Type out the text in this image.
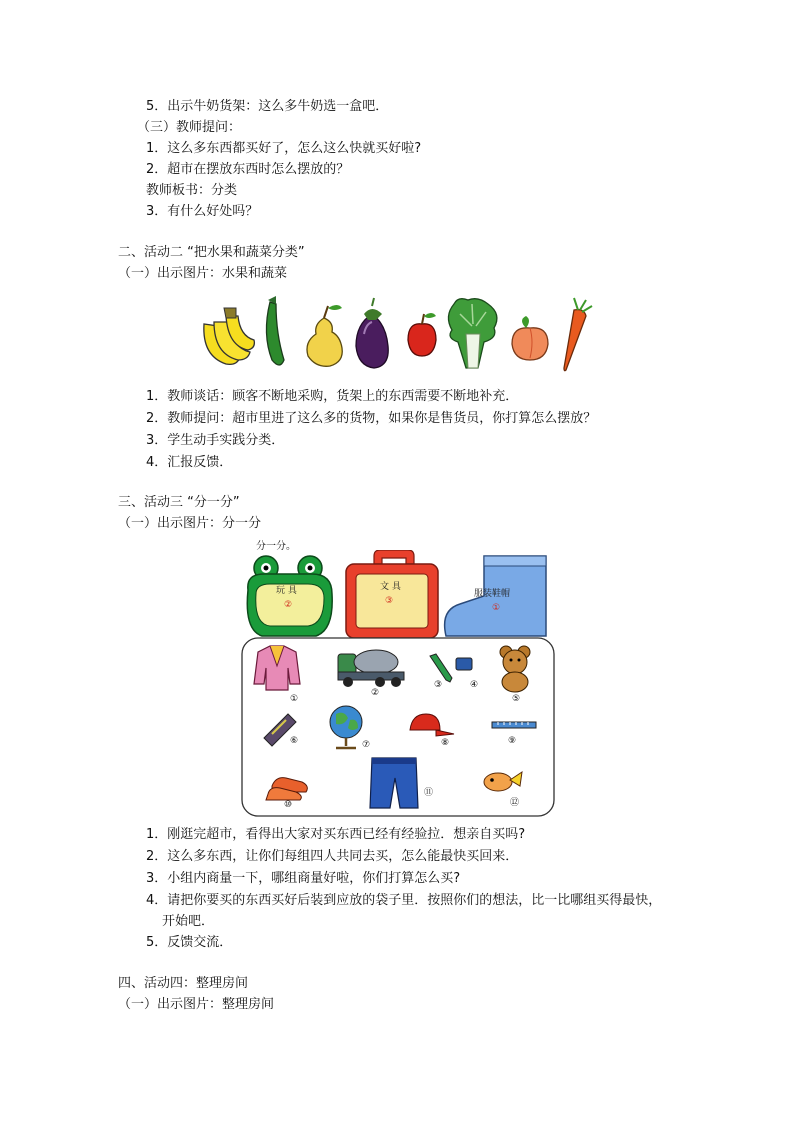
5．出示牛奶货架：这么多牛奶选一盒吧．
（三）教师提问：
1．这么多东西都买好了，怎么这么快就买好啦?
2．超市在摆放东西时怎么摆放的？
教师板书：分类
3．有什么好处吗？
二、活动二 “把水果和蔬菜分类”
（一）出示图片：水果和蔬菜
1．教师谈话：顾客不断地采购，货架上的东西需要不断地补充．
2．教师提问：超市里进了这么多的货物，如果你是售货员，你打算怎么摆放？
3．学生动手实践分类．
4．汇报反馈．
三、活动三 “分一分”
（一）出示图片：分一分
分一分。
玩 具
②
文 具
③
服装鞋帽
①
①
②
③	④
⑤
⑥	⑦	⑧	⑨
⑩
⑪
⑫
1．刚逛完超市，看得出大家对买东西已经有经验拉．想亲自买吗?
2．这么多东西，让你们每组四人共同去买，怎么能最快买回来．
3．小组内商量一下，哪组商量好啦，你们打算怎么买?
4．请把你要买的东西买好后装到应放的袋子里．按照你们的想法，比一比哪组买得最快，
开始吧．
5．反馈交流．
四、活动四：整理房间
（一）出示图片：整理房间
